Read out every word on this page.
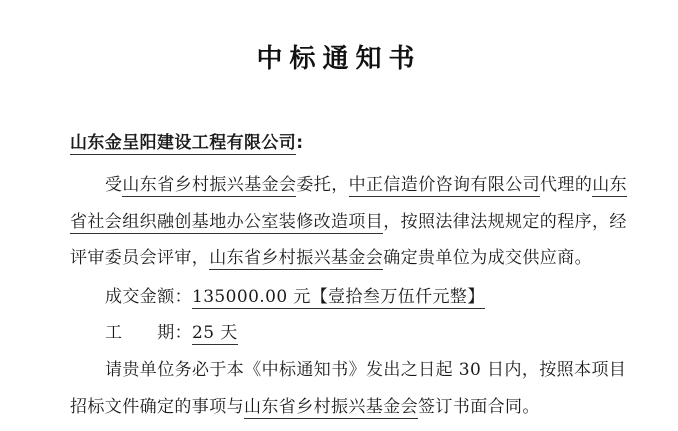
中标通知书
山东金呈阳建设工程有限公司:
受山东省乡村振兴基金会委托，中正信造价咨询有限公司代理的山东
省社会组织融创基地办公室装修改造项目，按照法律法规规定的程序，经
评审委员会评审，山东省乡村振兴基金会确定贵单位为成交供应商。
成交金额：135000.00 元【壹拾叁万伍仟元整】
工　　期：25 天
请贵单位务必于本《中标通知书》发出之日起 30 日内，按照本项目
招标文件确定的事项与山东省乡村振兴基金会签订书面合同。
